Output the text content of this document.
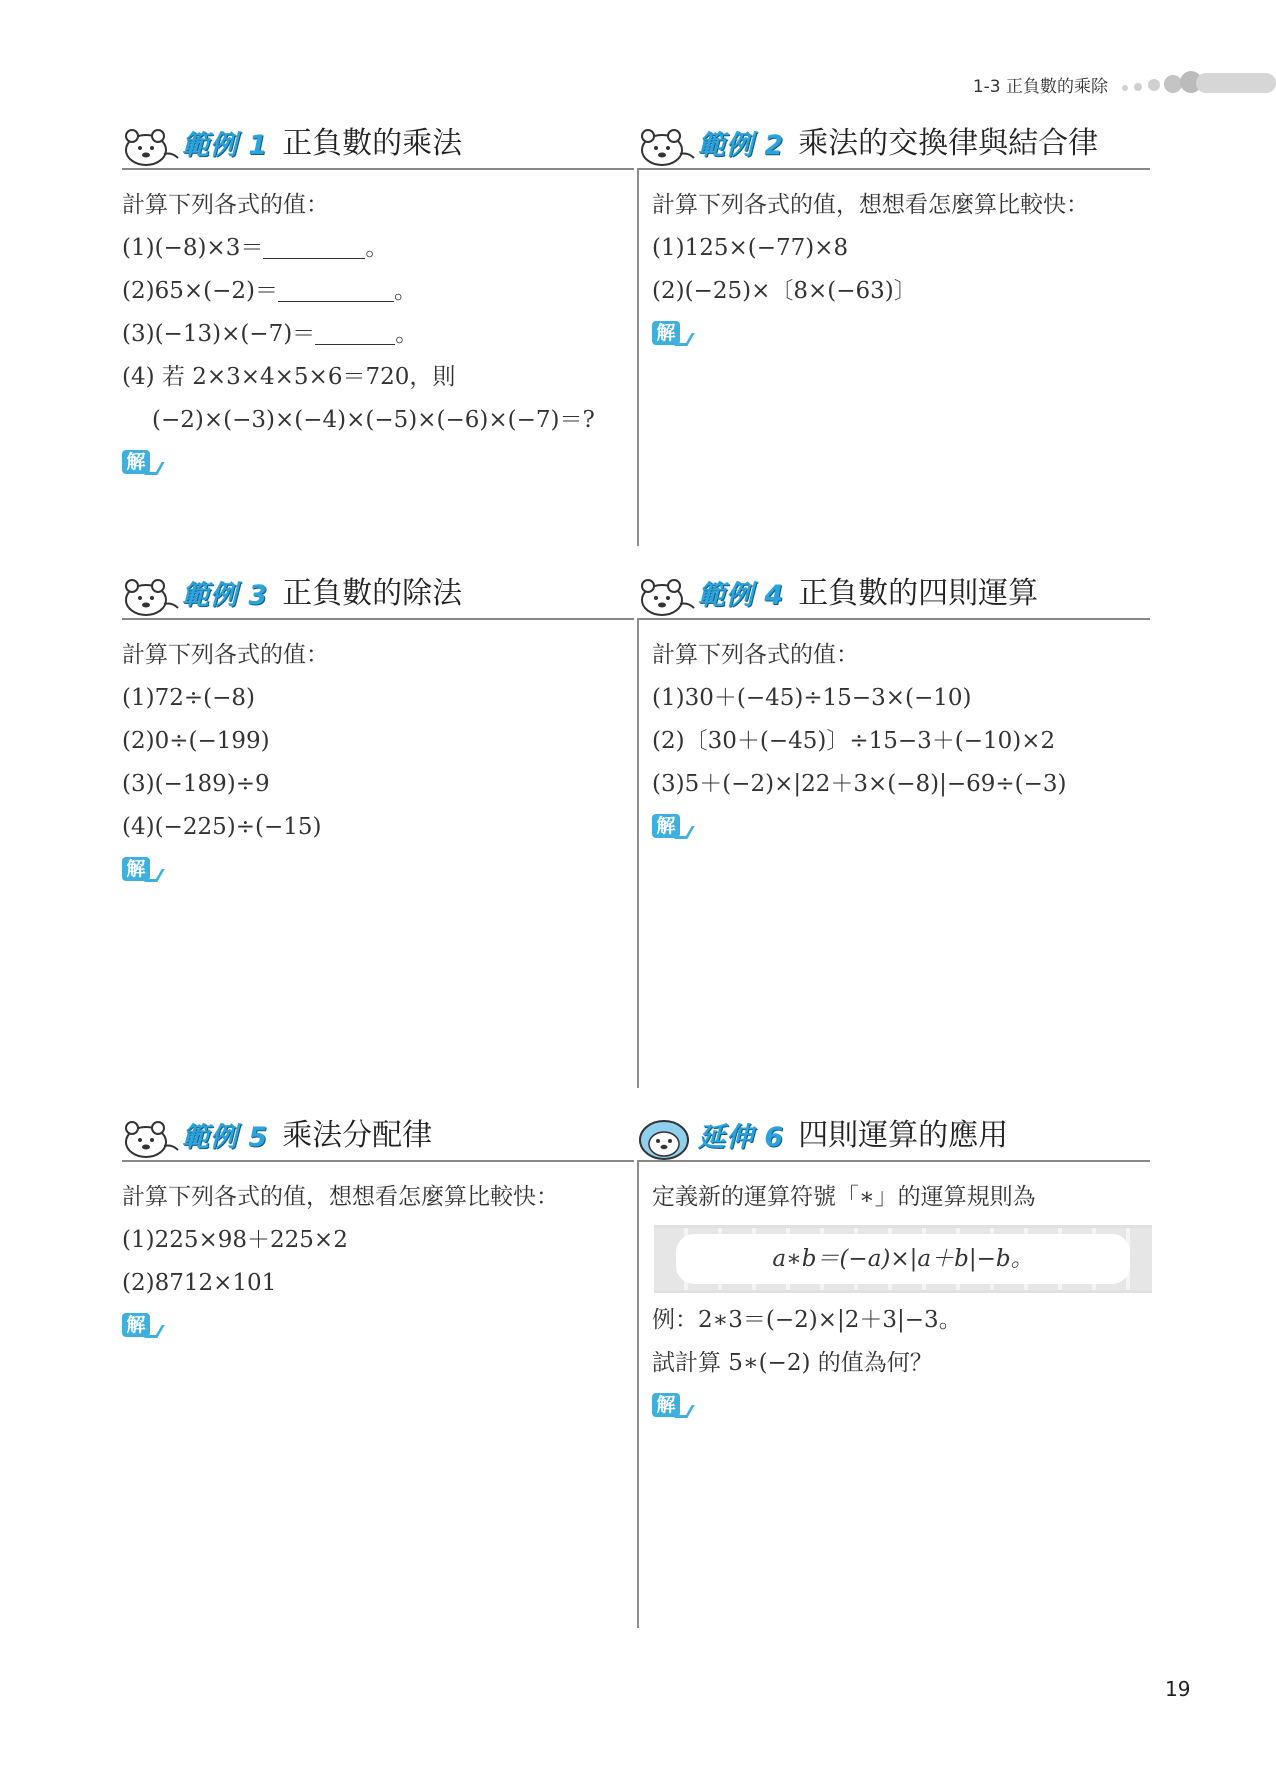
1-3 正負數的乘除
範例 1 正負數的乘法
計算下列各式的值：
(1)(−8)×3＝	。
(2)65×(−2)＝	。
(3)(−13)×(−7)＝	。
(4) 若 2×3×4×5×6＝720，則
(−2)×(−3)×(−4)×(−5)×(−6)×(−7)＝?
解
範例 2 乘法的交換律與結合律
計算下列各式的值，想想看怎麼算比較快：
(1)125×(−77)×8
(2)(−25)×〔8×(−63)〕
解
範例 3 正負數的除法
計算下列各式的值：
(1)72÷(−8)
(2)0÷(−199)
(3)(−189)÷9
(4)(−225)÷(−15)
解
範例 4 正負數的四則運算
計算下列各式的值：
(1)30＋(−45)÷15−3×(−10)
(2)〔30＋(−45)〕÷15−3＋(−10)×2
(3)5＋(−2)×|22＋3×(−8)|−69÷(−3)
解
範例 5 乘法分配律
計算下列各式的值，想想看怎麼算比較快：
(1)225×98＋225×2
(2)8712×101
解
延伸 6 四則運算的應用
定義新的運算符號「∗」的運算規則為
a∗b＝(−a)×|a＋b|−b。
例：2∗3＝(−2)×|2＋3|−3。
試計算 5∗(−2) 的值為何？
解
19
